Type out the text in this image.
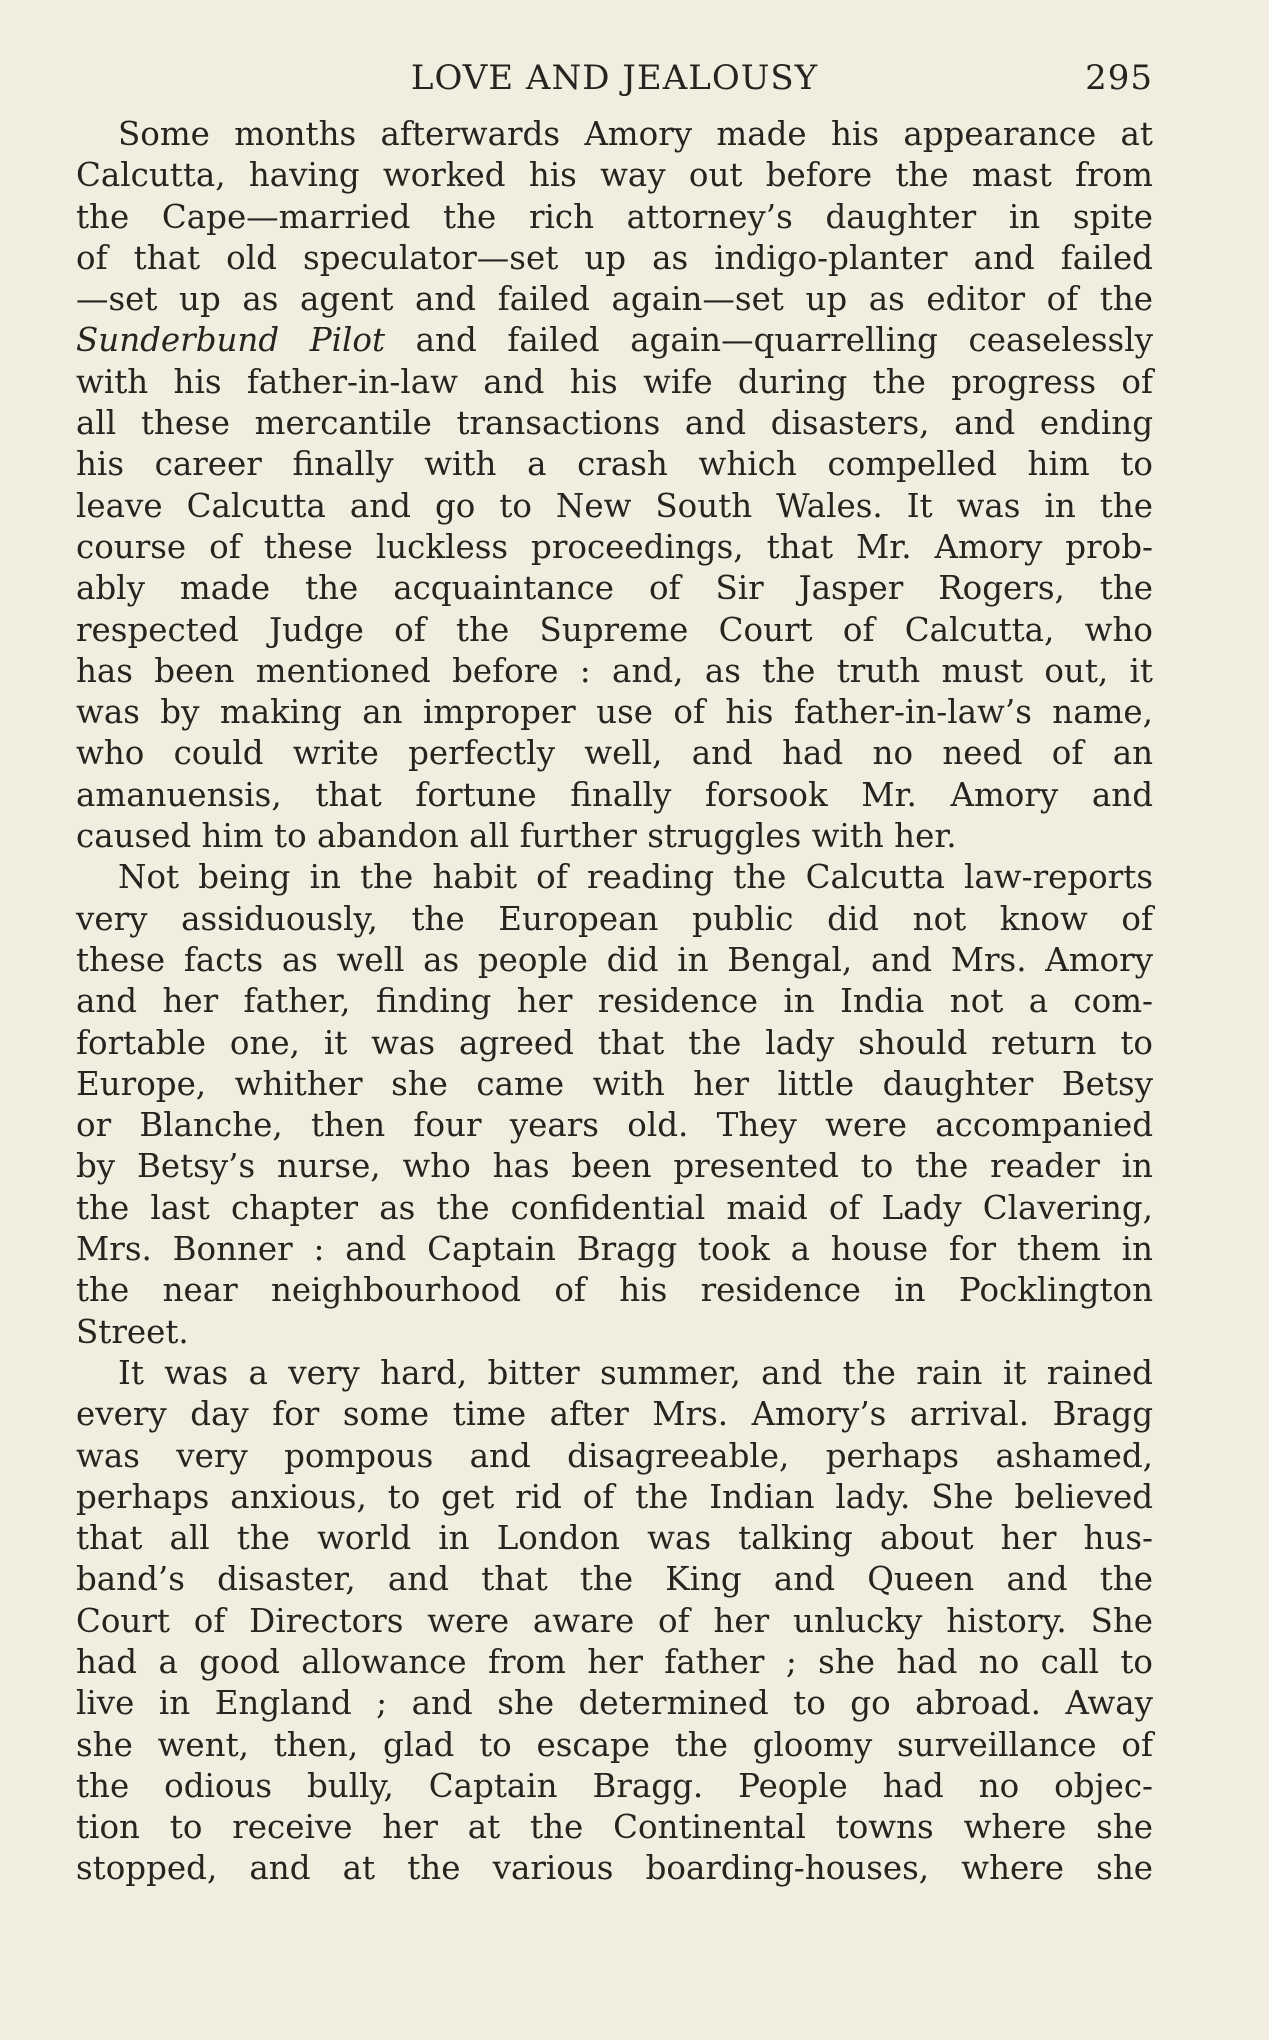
LOVE AND JEALOUSY	295
Some months afterwards Amory made his appearance at
Calcutta, having worked his way out before the mast from
the Cape—married the rich attorney’s daughter in spite
of that old speculator—set up as indigo-planter and failed
—set up as agent and failed again—set up as editor of the
Sunderbund Pilot and failed again—quarrelling ceaselessly
with his father-in-law and his wife during the progress of
all these mercantile transactions and disasters, and ending
his career finally with a crash which compelled him to
leave Calcutta and go to New South Wales. It was in the
course of these luckless proceedings, that Mr. Amory prob-
ably made the acquaintance of Sir Jasper Rogers, the
respected Judge of the Supreme Court of Calcutta, who
has been mentioned before : and, as the truth must out, it
was by making an improper use of his father-in-law’s name,
who could write perfectly well, and had no need of an
amanuensis, that fortune finally forsook Mr. Amory and
caused him to abandon all further struggles with her.
Not being in the habit of reading the Calcutta law-reports
very assiduously, the European public did not know of
these facts as well as people did in Bengal, and Mrs. Amory
and her father, finding her residence in India not a com-
fortable one, it was agreed that the lady should return to
Europe, whither she came with her little daughter Betsy
or Blanche, then four years old. They were accompanied
by Betsy’s nurse, who has been presented to the reader in
the last chapter as the confidential maid of Lady Clavering,
Mrs. Bonner : and Captain Bragg took a house for them in
the near neighbourhood of his residence in Pocklington
Street.
It was a very hard, bitter summer, and the rain it rained
every day for some time after Mrs. Amory’s arrival. Bragg
was very pompous and disagreeable, perhaps ashamed,
perhaps anxious, to get rid of the Indian lady. She believed
that all the world in London was talking about her hus-
band’s disaster, and that the King and Queen and the
Court of Directors were aware of her unlucky history. She
had a good allowance from her father ; she had no call to
live in England ; and she determined to go abroad. Away
she went, then, glad to escape the gloomy surveillance of
the odious bully, Captain Bragg. People had no objec-
tion to receive her at the Continental towns where she
stopped, and at the various boarding-houses, where she
